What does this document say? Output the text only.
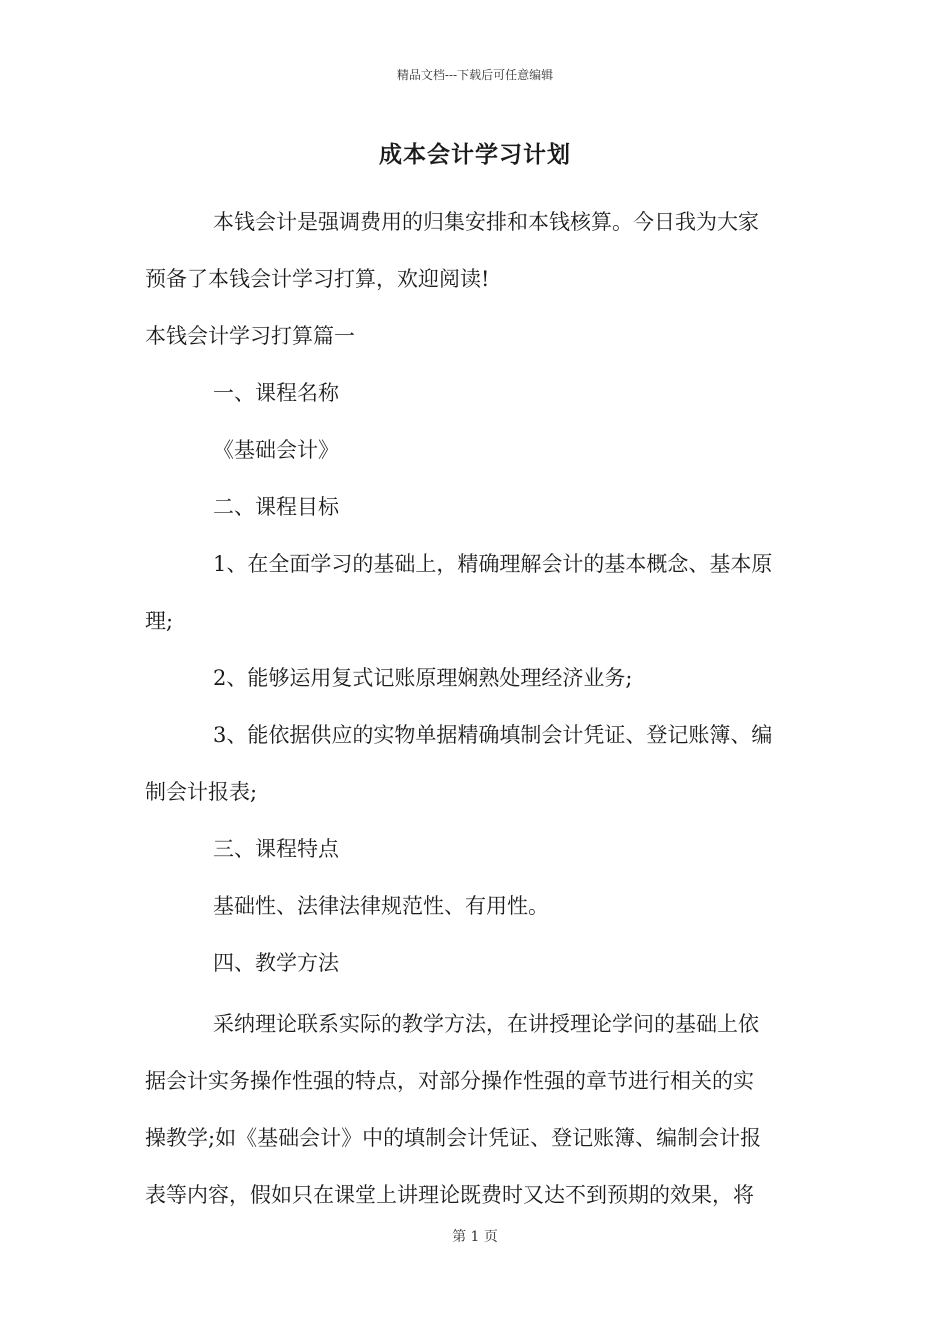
精品文档---下载后可任意编辑
成本会计学习计划
本钱会计是强调费用的归集安排和本钱核算。今日我为大家
预备了本钱会计学习打算，欢迎阅读!
本钱会计学习打算篇一
一、课程名称
《基础会计》
二、课程目标
1、在全面学习的基础上，精确理解会计的基本概念、基本原
理;
2、能够运用复式记账原理娴熟处理经济业务;
3、能依据供应的实物单据精确填制会计凭证、登记账簿、编
制会计报表;
三、课程特点
基础性、法律法律规范性、有用性。
四、教学方法
采纳理论联系实际的教学方法，在讲授理论学问的基础上依
据会计实务操作性强的特点，对部分操作性强的章节进行相关的实
操教学;如《基础会计》中的填制会计凭证、登记账簿、编制会计报
表等内容，假如只在课堂上讲理论既费时又达不到预期的效果，将
第 1 页
